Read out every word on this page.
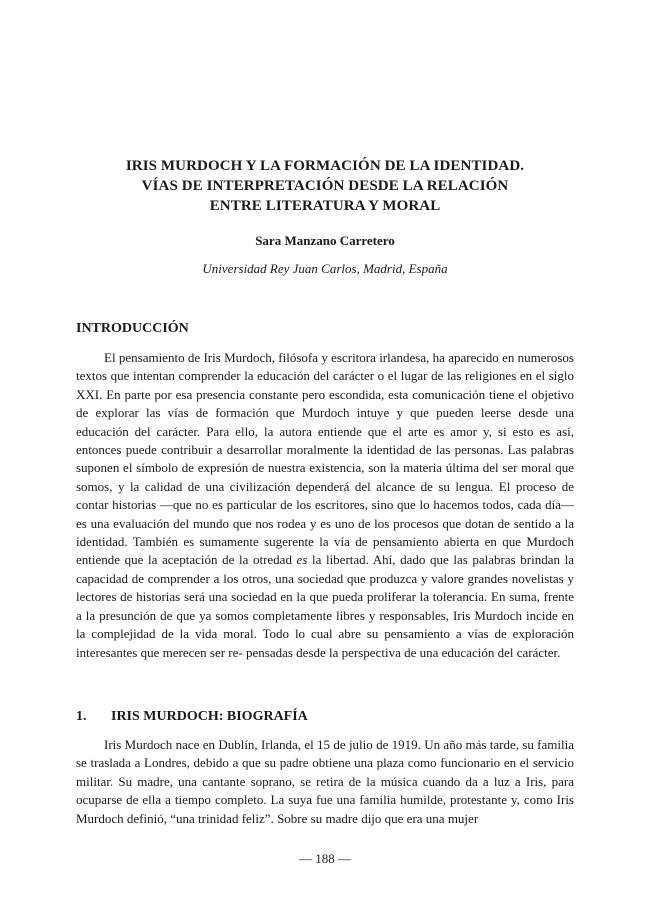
IRIS MURDOCH Y LA FORMACIÓN DE LA IDENTIDAD.
VÍAS DE INTERPRETACIÓN DESDE LA RELACIÓN
ENTRE LITERATURA Y MORAL
Sara Manzano Carretero
Universidad Rey Juan Carlos, Madrid, España
INTRODUCCIÓN

El pensamiento de Iris Murdoch, filósofa y escritora irlandesa, ha aparecido en numerosos textos que intentan comprender la educación del carácter o el lugar de las religiones en el siglo XXI. En parte por esa presencia constante pero escondida, esta comunicación tiene el objetivo de explorar las vías de formación que Murdoch intuye y que pueden leerse desde una educación del carácter. Para ello, la autora entiende que el arte es amor y, si esto es así, entonces puede contribuir a desarrollar moralmente la identidad de las personas. Las palabras suponen el símbolo de expresión de nuestra existencia, son la materia última del ser moral que somos, y la calidad de una civilización dependerá del alcance de su lengua. El proceso de contar historias —que no es particular de los escritores, sino que lo hacemos todos, cada día— es una evaluación del mundo que nos rodea y es uno de los procesos que dotan de sentido a la identidad. También es sumamente sugerente la vía de pensamiento abierta en que Murdoch entiende que la aceptación de la otredad es la libertad. Ahí, dado que las palabras brindan la capacidad de comprender a los otros, una sociedad que produzca y valore grandes novelistas y lectores de historias será una sociedad en la que pueda proliferar la tolerancia. En suma, frente a la presunción de que ya somos completamente libres y responsables, Iris Murdoch incide en la complejidad de la vida moral. Todo lo cual abre su pensamiento a vías de exploración interesantes que merecen ser re- pensadas desde la perspectiva de una educación del carácter.

1. IRIS MURDOCH: BIOGRAFÍA

Iris Murdoch nace en Dublín, Irlanda, el 15 de julio de 1919. Un año más tarde, su familia se traslada a Londres, debido a que su padre obtiene una plaza como funcionario en el servicio militar. Su madre, una cantante soprano, se retira de la música cuando da a luz a Iris, para ocuparse de ella a tiempo completo. La suya fue una familia humilde, protestante y, como Iris Murdoch definió, “una trinidad feliz”. Sobre su madre dijo que era una mujer

— 188 —
